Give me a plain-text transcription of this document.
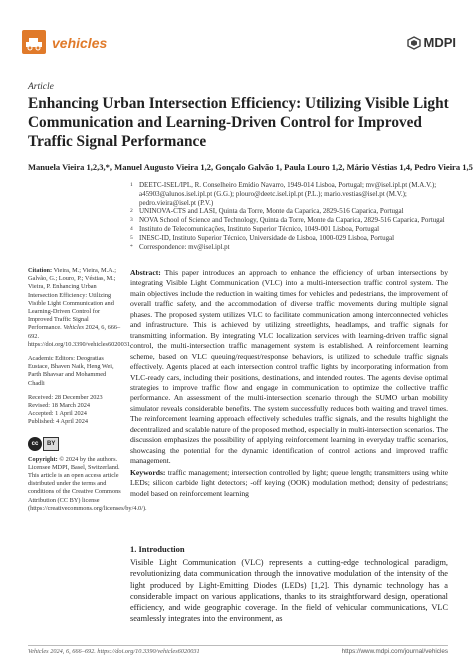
vehicles	MDPI
Article
Enhancing Urban Intersection Efficiency: Utilizing Visible Light Communication and Learning-Driven Control for Improved Traffic Signal Performance
Manuela Vieira 1,2,3,*, Manuel Augusto Vieira 1,2, Gonçalo Galvão 1, Paula Louro 1,2, Mário Véstias 1,4, Pedro Vieira 1,5
1 DEETC-ISEL/IPL, R. Conselheiro Emídio Navarro, 1949-014 Lisboa, Portugal; mv@isel.ipl.pt (M.A.V.); a45903@alunos.isel.ipl.pt (G.G.); plouro@deetc.isel.ipl.pt (P.L.); mario.vestias@isel.pt (M.V.); pedro.vieira@isel.pt (P.V.)
2 UNINOVA-CTS and LASI, Quinta da Torre, Monte da Caparica, 2829-516 Caparica, Portugal
3 NOVA School of Science and Technology, Quinta da Torre, Monte da Caparica, 2829-516 Caparica, Portugal
4 Instituto de Telecomunicações, Instituto Superior Técnico, 1049-001 Lisboa, Portugal
5 INESC-ID, Instituto Superior Técnico, Universidade de Lisboa, 1000-029 Lisboa, Portugal
* Correspondence: mv@isel.ipl.pt
Citation: Vieira, M.; Vieira, M.A.; Galvão, G.; Louro, P.; Véstias, M.; Vieira, P. Enhancing Urban Intersection Efficiency: Utilizing Visible Light Communication and Learning-Driven Control for Improved Traffic Signal Performance. Vehicles 2024, 6, 666–692. https://doi.org/10.3390/vehicles6020031
Academic Editors: Deogratias Eustace, Bhaven Naik, Heng Wei, Parth Bhavsar and Mohammed Chadli
Received: 28 December 2023
Revised: 18 March 2024
Accepted: 1 April 2024
Published: 4 April 2024
cc	BY
Copyright: © 2024 by the authors. Licensee MDPI, Basel, Switzerland. This article is an open access article distributed under the terms and conditions of the Creative Commons Attribution (CC BY) license (https://creativecommons.org/licenses/by/4.0/).
Abstract: This paper introduces an approach to enhance the efficiency of urban intersections by integrating Visible Light Communication (VLC) into a multi-intersection traffic control system. The main objectives include the reduction in waiting times for vehicles and pedestrians, the improvement of overall traffic safety, and the accommodation of diverse traffic movements during multiple signal phases. The proposed system utilizes VLC to facilitate communication among interconnected vehicles and infrastructure. This is achieved by utilizing streetlights, headlamps, and traffic signals for transmitting information. By integrating VLC localization services with learning-driven traffic signal control, the multi-intersection traffic management system is established. A reinforcement learning scheme, based on VLC queuing/request/response behaviors, is utilized to schedule traffic signals effectively. Agents placed at each intersection control traffic lights by incorporating information from VLC-ready cars, including their positions, destinations, and intended routes. The agents devise optimal strategies to improve traffic flow and engage in communication to optimize the collective traffic performance. An assessment of the multi-intersection scenario through the SUMO urban mobility simulator reveals considerable benefits. The system successfully reduces both waiting and travel times. The reinforcement learning approach effectively schedules traffic signals, and the results highlight the decentralized and scalable nature of the proposed method, especially in multi-intersection scenarios. The discussion emphasizes the possibility of applying reinforcement learning in everyday traffic scenarios, showcasing the potential for the dynamic identification of control actions and improved traffic management.
Keywords: traffic management; intersection controlled by light; queue length; transmitters using white LEDs; silicon carbide light detectors; -off keying (OOK) modulation method; density of pedestrians; model based on reinforcement learning
1. Introduction
Visible Light Communication (VLC) represents a cutting-edge technological paradigm, revolutionizing data communication through the innovative modulation of the intensity of the light produced by Light-Emitting Diodes (LEDs) [1,2]. This dynamic technology has a considerable impact on various applications, thanks to its straightforward design, operational efficiency, and wide geographic coverage. In the field of vehicular communications, VLC seamlessly integrates into the environment, as
Vehicles 2024, 6, 666–692. https://doi.org/10.3390/vehicles6020031	https://www.mdpi.com/journal/vehicles
